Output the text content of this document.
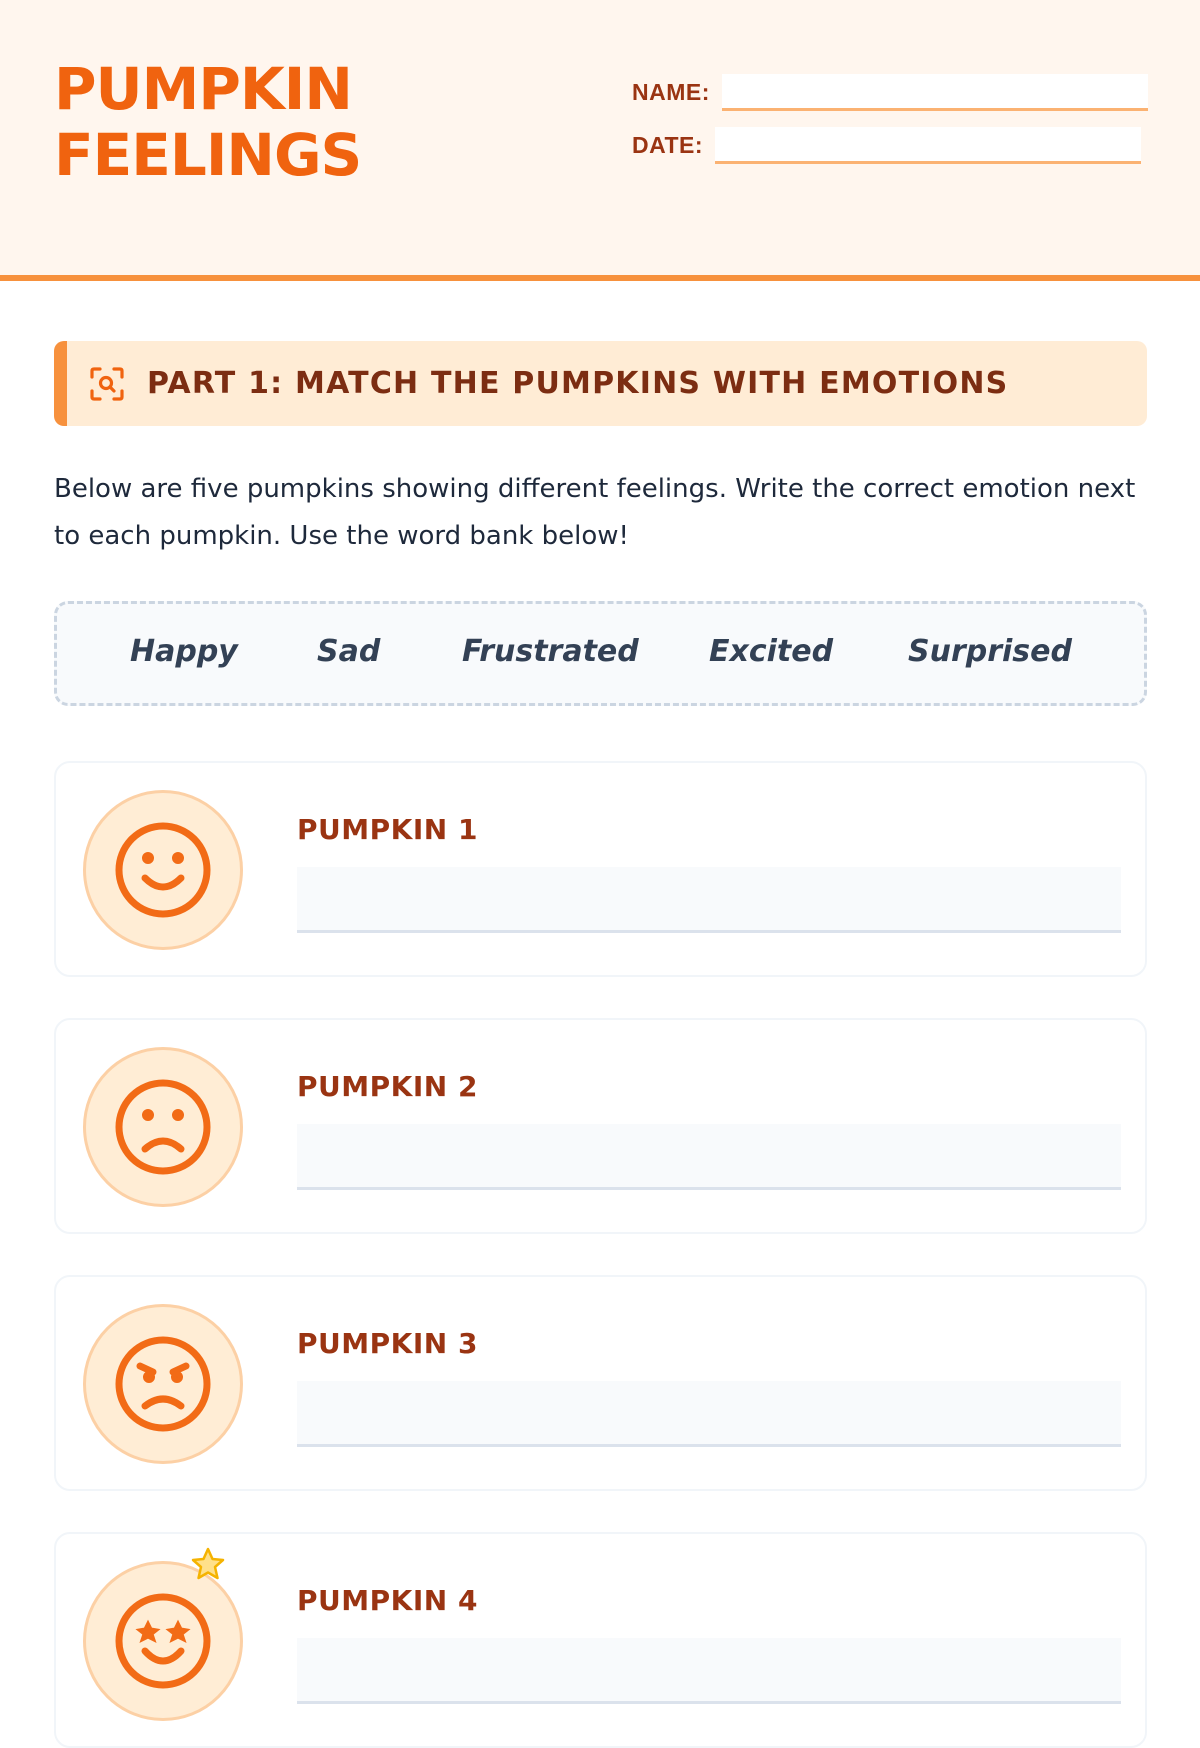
PUMPKIN
FEELINGS
NAME:
DATE:
PART 1: MATCH THE PUMPKINS WITH EMOTIONS
Below are five pumpkins showing different feelings. Write the correct emotion next to each pumpkin. Use the word bank below!
Happy	Sad	Frustrated Excited Surprised
PUMPKIN 1
PUMPKIN 2
PUMPKIN 3
PUMPKIN 4
